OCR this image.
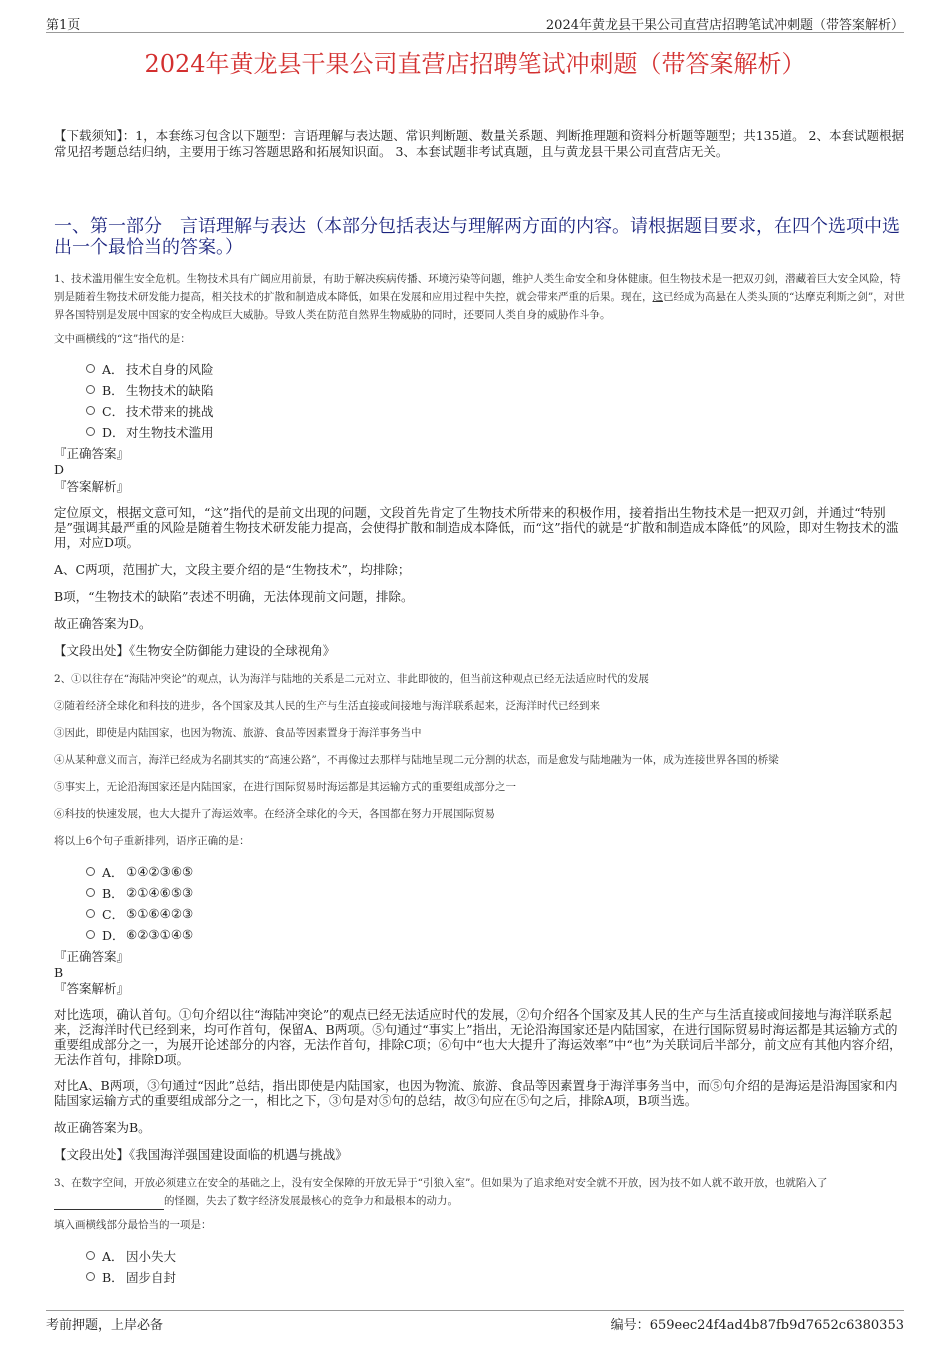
第1页	2024年黄龙县干果公司直营店招聘笔试冲刺题（带答案解析）
2024年黄龙县干果公司直营店招聘笔试冲刺题（带答案解析）
【下载须知】：1，本套练习包含以下题型：言语理解与表达题、常识判断题、数量关系题、判断推理题和资料分析题等题型；共135道。 2、本套试题根据常见招考题总结归纳，主要用于练习答题思路和拓展知识面。 3、本套试题非考试真题，且与黄龙县干果公司直营店无关。
一、第一部分　言语理解与表达（本部分包括表达与理解两方面的内容。请根据题目要求，在四个选项中选出一个最恰当的答案。）
1、技术滥用催生安全危机。生物技术具有广阔应用前景，有助于解决疾病传播、环境污染等问题，维护人类生命安全和身体健康。但生物技术是一把双刃剑，潜藏着巨大安全风险，特别是随着生物技术研发能力提高，相关技术的扩散和制造成本降低，如果在发展和应用过程中失控，就会带来严重的后果。现在，这已经成为高悬在人类头顶的“达摩克利斯之剑”，对世界各国特别是发展中国家的安全构成巨大威胁。导致人类在防范自然界生物威胁的同时，还要同人类自身的威胁作斗争。
文中画横线的“这”指代的是：
A． 技术自身的风险
B． 生物技术的缺陷
C． 技术带来的挑战
D． 对生物技术滥用
『正确答案』
D
『答案解析』
定位原文，根据文意可知，“这”指代的是前文出现的问题，文段首先肯定了生物技术所带来的积极作用，接着指出生物技术是一把双刃剑，并通过“特别是”强调其最严重的风险是随着生物技术研发能力提高，会使得扩散和制造成本降低，而“这”指代的就是“扩散和制造成本降低”的风险，即对生物技术的滥用，对应D项。
A、C两项，范围扩大，文段主要介绍的是“生物技术”，均排除；
B项，“生物技术的缺陷”表述不明确，无法体现前文问题，排除。
故正确答案为D。
【文段出处】《生物安全防御能力建设的全球视角》
2、①以往存在“海陆冲突论”的观点，认为海洋与陆地的关系是二元对立、非此即彼的，但当前这种观点已经无法适应时代的发展
②随着经济全球化和科技的进步，各个国家及其人民的生产与生活直接或间接地与海洋联系起来，泛海洋时代已经到来
③因此，即使是内陆国家，也因为物流、旅游、食品等因素置身于海洋事务当中
④从某种意义而言，海洋已经成为名副其实的“高速公路”，不再像过去那样与陆地呈现二元分割的状态，而是愈发与陆地融为一体，成为连接世界各国的桥梁
⑤事实上，无论沿海国家还是内陆国家，在进行国际贸易时海运都是其运输方式的重要组成部分之一
⑥科技的快速发展，也大大提升了海运效率。在经济全球化的今天，各国都在努力开展国际贸易
将以上6个句子重新排列，语序正确的是：
A． ①④②③⑥⑤
B． ②①④⑥⑤③
C． ⑤①⑥④②③
D． ⑥②③①④⑤
『正确答案』
B
『答案解析』
对比选项，确认首句。①句介绍以往“海陆冲突论”的观点已经无法适应时代的发展，②句介绍各个国家及其人民的生产与生活直接或间接地与海洋联系起来，泛海洋时代已经到来，均可作首句，保留A、B两项。⑤句通过“事实上”指出，无论沿海国家还是内陆国家，在进行国际贸易时海运都是其运输方式的重要组成部分之一，为展开论述部分的内容，无法作首句，排除C项；⑥句中“也大大提升了海运效率”中“也”为关联词后半部分，前文应有其他内容介绍，无法作首句，排除D项。
对比A、B两项，③句通过“因此”总结，指出即使是内陆国家，也因为物流、旅游、食品等因素置身于海洋事务当中，而⑤句介绍的是海运是沿海国家和内陆国家运输方式的重要组成部分之一，相比之下，③句是对⑤句的总结，故③句应在⑤句之后，排除A项，B项当选。
故正确答案为B。
【文段出处】《我国海洋强国建设面临的机遇与挑战》
3、在数字空间，开放必须建立在安全的基础之上，没有安全保障的开放无异于“引狼入室”。但如果为了追求绝对安全就不开放，因为技不如人就不敢开放，也就陷入了
的怪圈，失去了数字经济发展最核心的竞争力和最根本的动力。
填入画横线部分最恰当的一项是：
A． 因小失大
B． 固步自封
考前押题，上岸必备	编号：659eec24f4ad4b87fb9d7652c6380353
